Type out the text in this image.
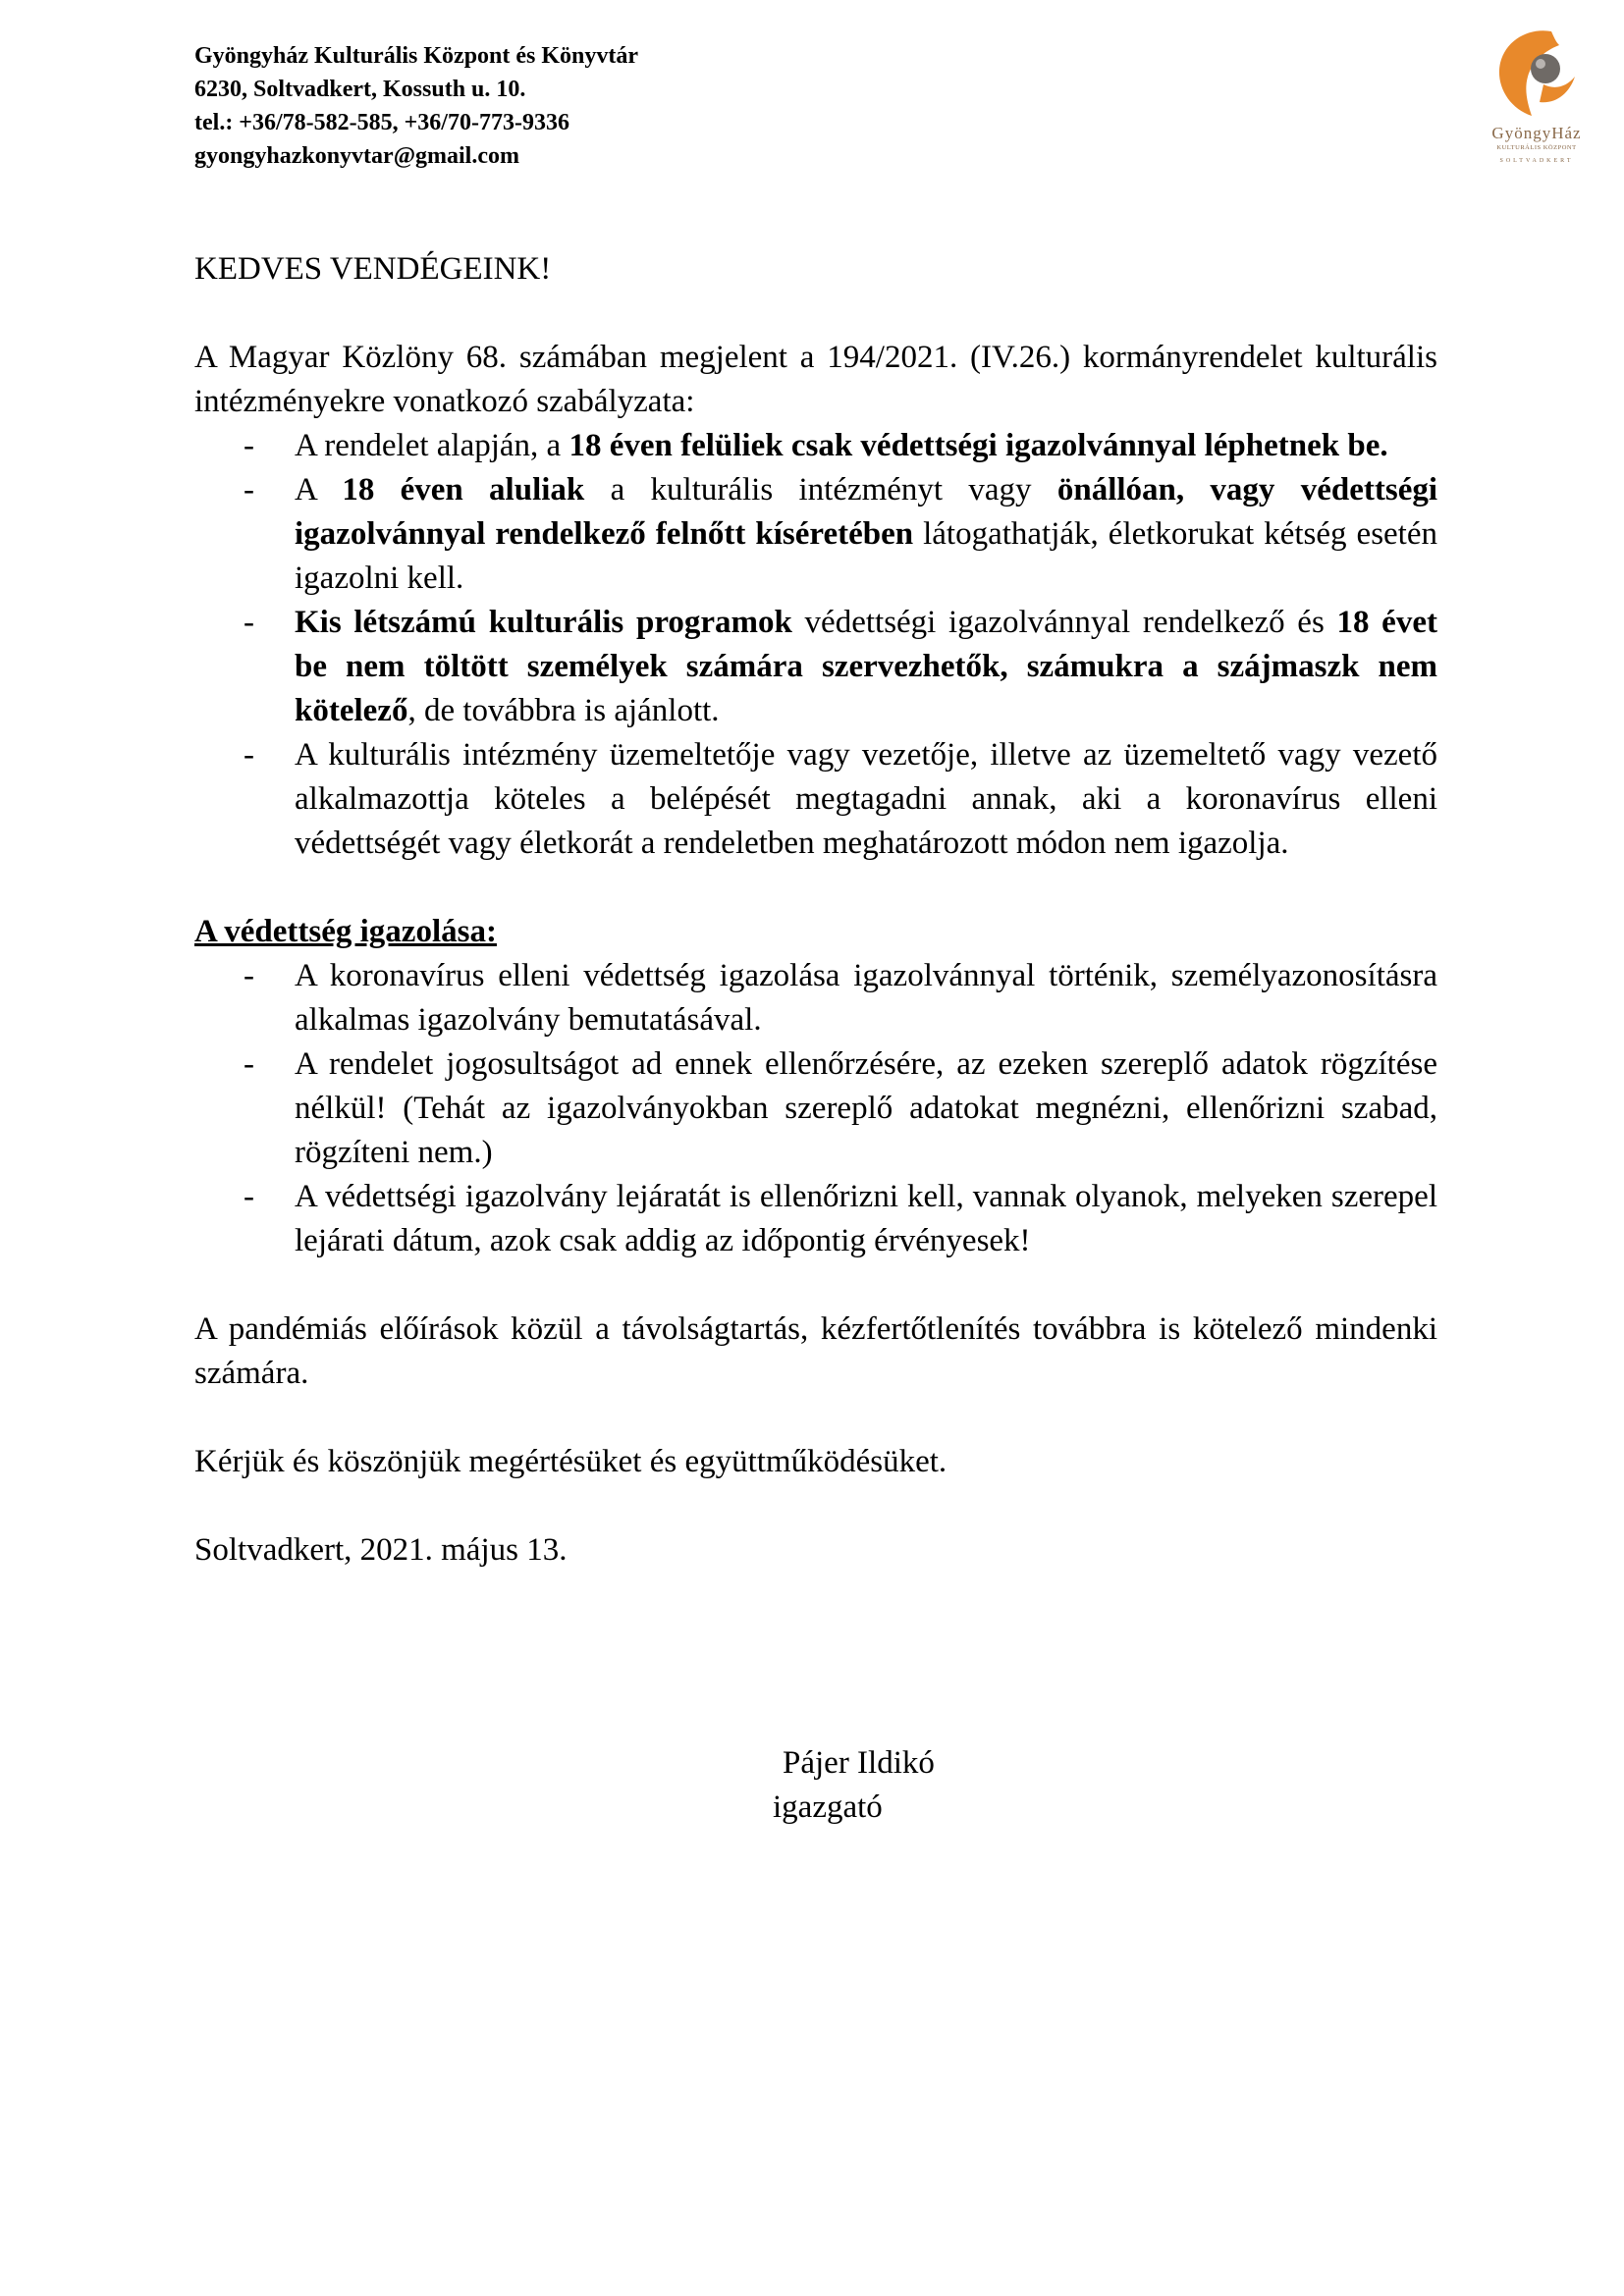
Gyöngyház Kulturális Központ és Könyvtár
6230, Soltvadkert, Kossuth u. 10.
tel.: +36/78-582-585, +36/70-773-9336
gyongyhazkonyvtar@gmail.com
GyöngyHáz
KULTURÁLIS KÖZPONT
SOLTVADKERT

KEDVES VENDÉGEINK!

A Magyar Közlöny 68. számában megjelent a 194/2021. (IV.26.) kormányrendelet kulturális intézményekre vonatkozó szabályzata:

- A rendelet alapján, a 18 éven felüliek csak védettségi igazolvánnyal léphetnek be.
- A 18 éven aluliak a kulturális intézményt vagy önállóan, vagy védettségi igazolvánnyal rendelkező felnőtt kíséretében látogathatják, életkorukat kétség esetén igazolni kell.
- Kis létszámú kulturális programok védettségi igazolvánnyal rendelkező és 18 évet be nem töltött személyek számára szervezhetők, számukra a szájmaszk nem kötelező, de továbbra is ajánlott.
- A kulturális intézmény üzemeltetője vagy vezetője, illetve az üzemeltető vagy vezető alkalmazottja köteles a belépését megtagadni annak, aki a koronavírus elleni védettségét vagy életkorát a rendeletben meghatározott módon nem igazolja.
A védettség igazolása:
- A koronavírus elleni védettség igazolása igazolvánnyal történik, személyazonosításra alkalmas igazolvány bemutatásával.
- A rendelet jogosultságot ad ennek ellenőrzésére, az ezeken szereplő adatok rögzítése nélkül! (Tehát az igazolványokban szereplő adatokat megnézni, ellenőrizni szabad, rögzíteni nem.)
- A védettségi igazolvány lejáratát is ellenőrizni kell, vannak olyanok, melyeken szerepel lejárati dátum, azok csak addig az időpontig érvényesek!

A pandémiás előírások közül a távolságtartás, kézfertőtlenítés továbbra is kötelező mindenki számára.

Kérjük és köszönjük megértésüket és együttműködésüket.

Soltvadkert, 2021. május 13.

Pájer Ildikó
igazgató
